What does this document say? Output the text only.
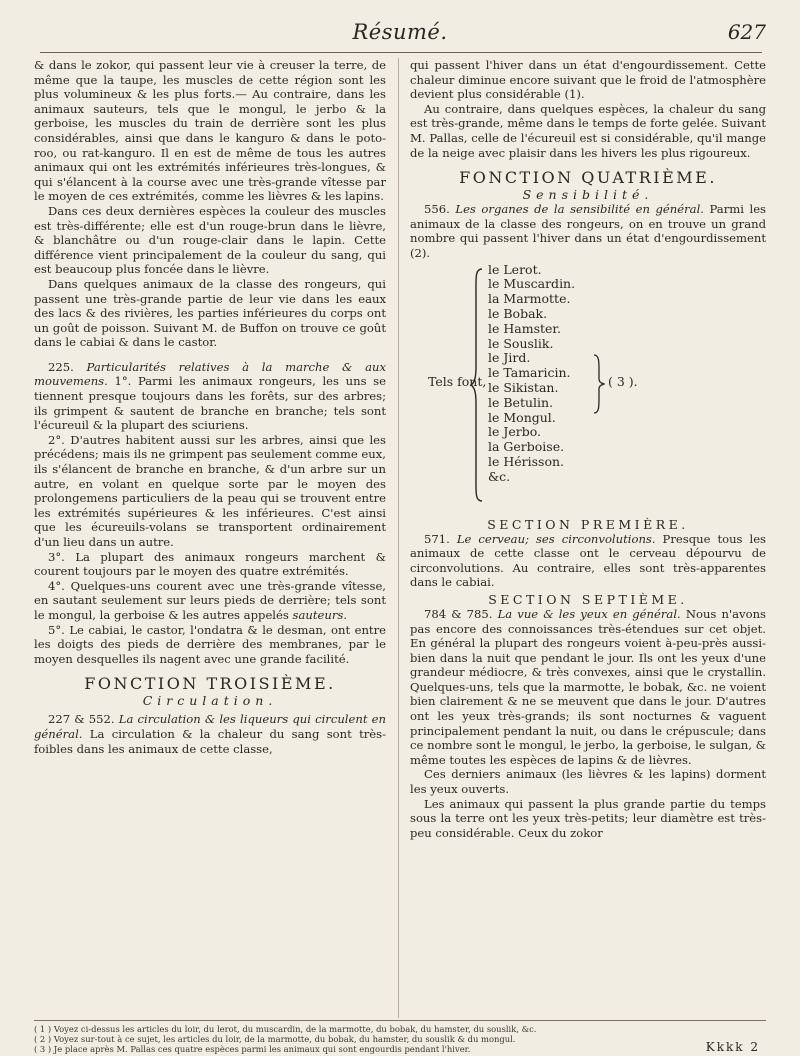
Résumé.	627

& dans le zokor, qui passent leur vie à creuser la terre, de même que la taupe, les muscles de cette région sont les plus volumineux & les plus forts.— Au contraire, dans les animaux sauteurs, tels que le mongul, le jerbo & la gerboise, les muscles du train de derrière sont les plus considérables, ainsi que dans le kanguro & dans le poto-roo, ou rat-kanguro. Il en est de même de tous les autres animaux qui ont les extrémités inférieures très-longues, & qui s'élancent à la course avec une très-grande vîtesse par le moyen de ces extrémités, comme les lièvres & les lapins.

Dans ces deux dernières espèces la couleur des muscles est très-différente; elle est d'un rouge-brun dans le lièvre, & blanchâtre ou d'un rouge-clair dans le lapin. Cette différence vient principalement de la couleur du sang, qui est beaucoup plus foncée dans le lièvre.

Dans quelques animaux de la classe des rongeurs, qui passent une très-grande partie de leur vie dans les eaux des lacs & des rivières, les parties inférieures du corps ont un goût de poisson. Suivant M. de Buffon on trouve ce goût dans le cabiai & dans le castor.

225. Particularités relatives à la marche & aux mouvemens. 1°. Parmi les animaux rongeurs, les uns se tiennent presque toujours dans les forêts, sur des arbres; ils grimpent & sautent de branche en branche; tels sont l'écureuil & la plupart des sciuriens.

2°. D'autres habitent aussi sur les arbres, ainsi que les précédens; mais ils ne grimpent pas seulement comme eux, ils s'élancent de branche en branche, & d'un arbre sur un autre, en volant en quelque sorte par le moyen des prolongemens particuliers de la peau qui se trouvent entre les extrémités supérieures & les inférieures. C'est ainsi que les écureuils-volans se transportent ordinairement d'un lieu dans un autre.

3°. La plupart des animaux rongeurs marchent & courent toujours par le moyen des quatre extrémités.

4°. Quelques-uns courent avec une très-grande vîtesse, en sautant seulement sur leurs pieds de derrière; tels sont le mongul, la gerboise & les autres appelés sauteurs.

5°. Le cabiai, le castor, l'ondatra & le desman, ont entre les doigts des pieds de derrière des membranes, par le moyen desquelles ils nagent avec une grande facilité.

FONCTION TROISIÈME.
Circulation.

227 & 552. La circulation & les liqueurs qui circulent en général. La circulation & la chaleur du sang sont très-foibles dans les animaux de cette classe,

qui passent l'hiver dans un état d'engourdissement. Cette chaleur diminue encore suivant que le froid de l'atmosphère devient plus considérable (1).

Au contraire, dans quelques espèces, la chaleur du sang est très-grande, même dans le temps de forte gelée. Suivant M. Pallas, celle de l'écureuil est si considérable, qu'il mange de la neige avec plaisir dans les hivers les plus rigoureux.

FONCTION QUATRIÈME.
Sensibilité.

556. Les organes de la sensibilité en général. Parmi les animaux de la classe des rongeurs, on en trouve un grand nombre qui passent l'hiver dans un état d'engourdissement (2).

Tels font,
le Lerot.
le Muscardin.
la Marmotte.
le Bobak.
le Hamster.
le Souslik.
le Jird.
le Tamaricin.
le Sikistan.
le Betulin.
le Mongul.
le Jerbo.
la Gerboise.
le Hérisson.
&c.
( 3 ).
SECTION PREMIÈRE.

571. Le cerveau; ses circonvolutions. Presque tous les animaux de cette classe ont le cerveau dépourvu de circonvolutions. Au contraire, elles sont très-apparentes dans le cabiai.

SECTION SEPTIÈME.

784 & 785. La vue & les yeux en général. Nous n'avons pas encore des connoissances très-étendues sur cet objet. En général la plupart des rongeurs voient à-peu-près aussi-bien dans la nuit que pendant le jour. Ils ont les yeux d'une grandeur médiocre, & très convexes, ainsi que le crystallin. Quelques-uns, tels que la marmotte, le bobak, &c. ne voient bien clairement & ne se meuvent que dans le jour. D'autres ont les yeux très-grands; ils sont nocturnes & vaguent principalement pendant la nuit, ou dans le crépuscule; dans ce nombre sont le mongul, le jerbo, la gerboise, le sulgan, & même toutes les espèces de lapins & de lièvres.

Ces derniers animaux (les lièvres & les lapins) dorment les yeux ouverts.

Les animaux qui passent la plus grande partie du temps sous la terre ont les yeux très-petits; leur diamètre est très-peu considérable. Ceux du zokor

( 1 ) Voyez ci-dessus les articles du loir, du lerot, du muscardin, de la marmotte, du bobak, du hamster, du souslik, &c.
( 2 ) Voyez sur-tout à ce sujet, les articles du loir, de la marmotte, du bobak, du hamster, du souslik & du mongul.
( 3 ) Je place après M. Pallas ces quatre espèces parmi les animaux qui sont engourdis pendant l'hiver.	Kkkk 2
